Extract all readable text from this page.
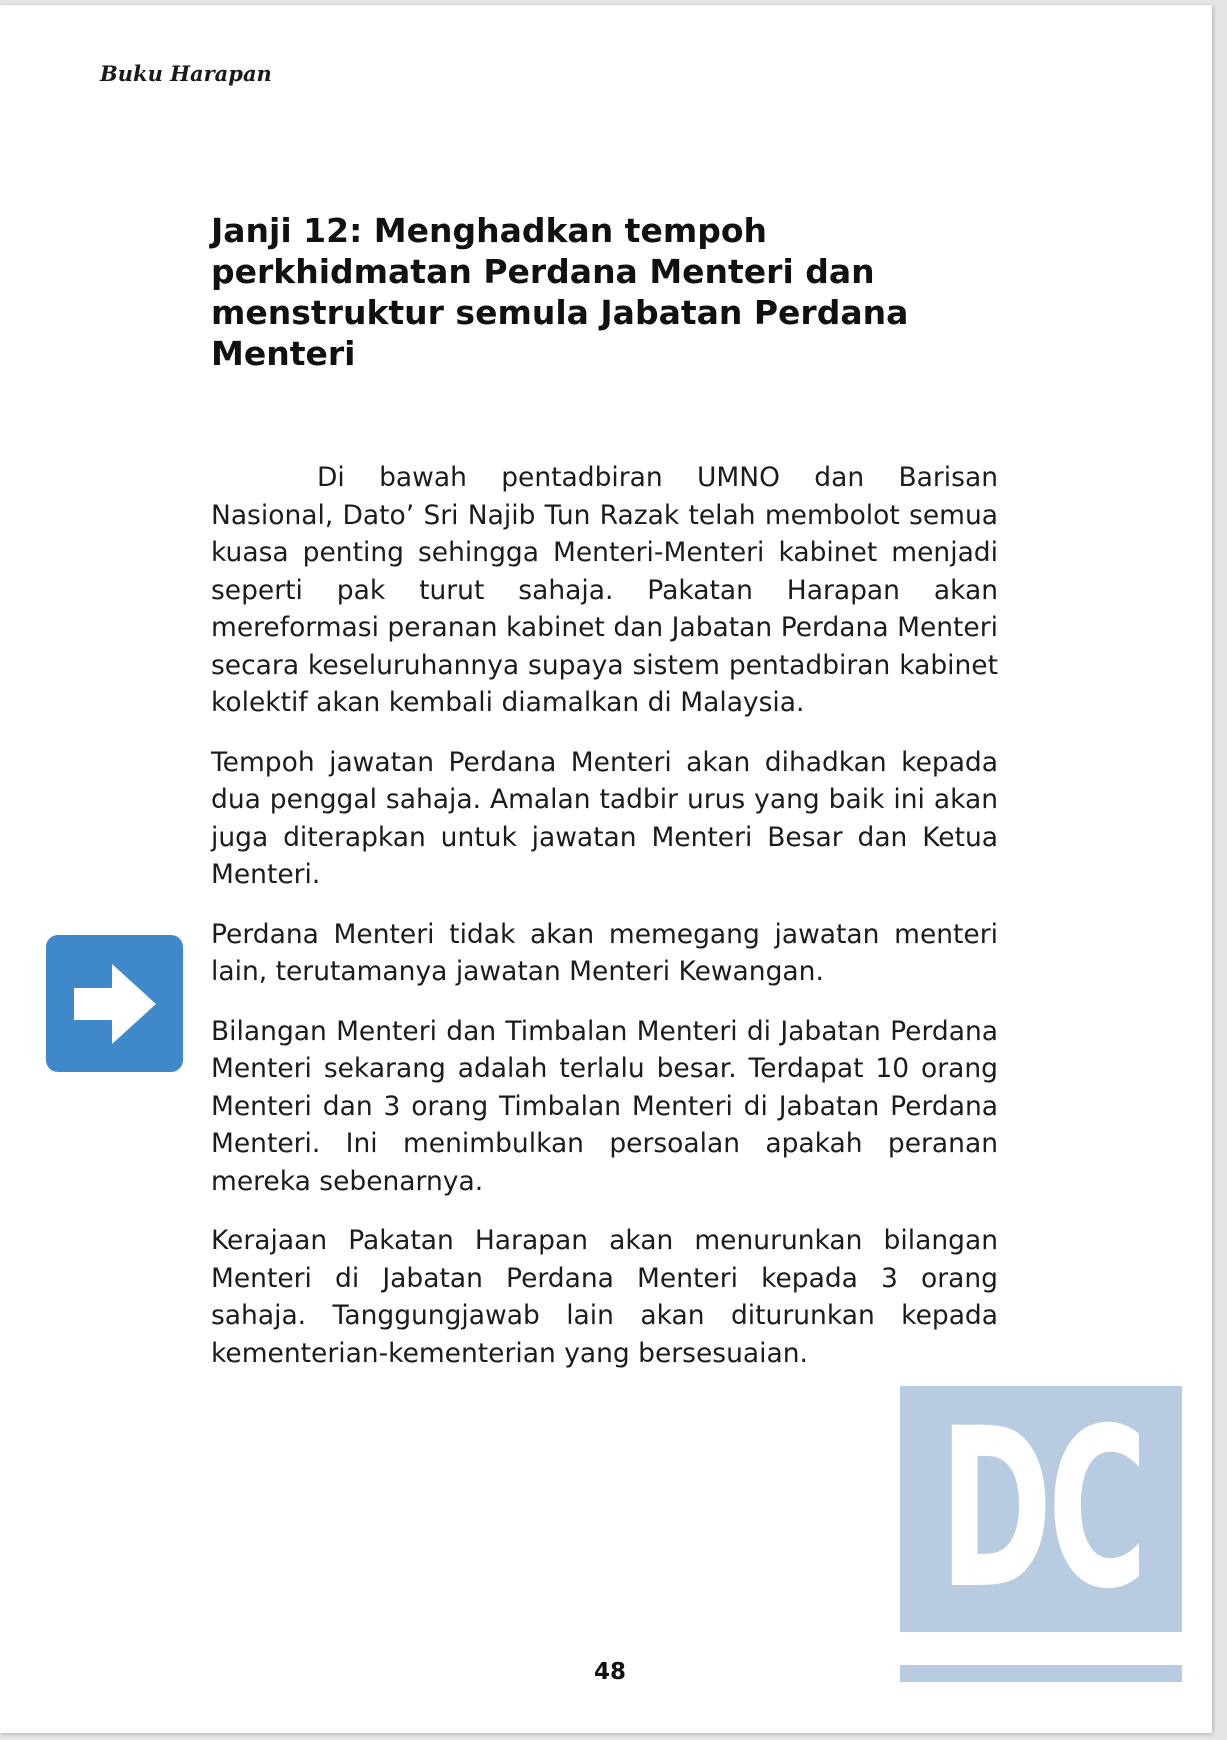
Buku Harapan
Janji 12: Menghadkan tempoh perkhidmatan Perdana Menteri dan menstruktur semula Jabatan Perdana Menteri

Di bawah pentadbiran UMNO dan Barisan Nasional, Dato’ Sri Najib Tun Razak telah membolot semua kuasa penting sehingga Menteri-Menteri kabinet menjadi seperti pak turut sahaja. Pakatan Harapan akan mereformasi peranan kabinet dan Jabatan Perdana Menteri secara keseluruhannya supaya sistem pentadbiran kabinet kolektif akan kembali diamalkan di Malaysia.

Tempoh jawatan Perdana Menteri akan dihadkan kepada dua penggal sahaja. Amalan tadbir urus yang baik ini akan juga diterapkan untuk jawatan Menteri Besar dan Ketua Menteri.

Perdana Menteri tidak akan memegang jawatan menteri lain, terutamanya jawatan Menteri Kewangan.

Bilangan Menteri dan Timbalan Menteri di Jabatan Perdana Menteri sekarang adalah terlalu besar. Terdapat 10 orang Menteri dan 3 orang Timbalan Menteri di Jabatan Perdana Menteri. Ini menimbulkan persoalan apakah peranan mereka sebenarnya.

Kerajaan Pakatan Harapan akan menurunkan bilangan Menteri di Jabatan Perdana Menteri kepada 3 orang sahaja. Tanggungjawab lain akan diturunkan kepada kementerian-kementerian yang bersesuaian.

48
DC
